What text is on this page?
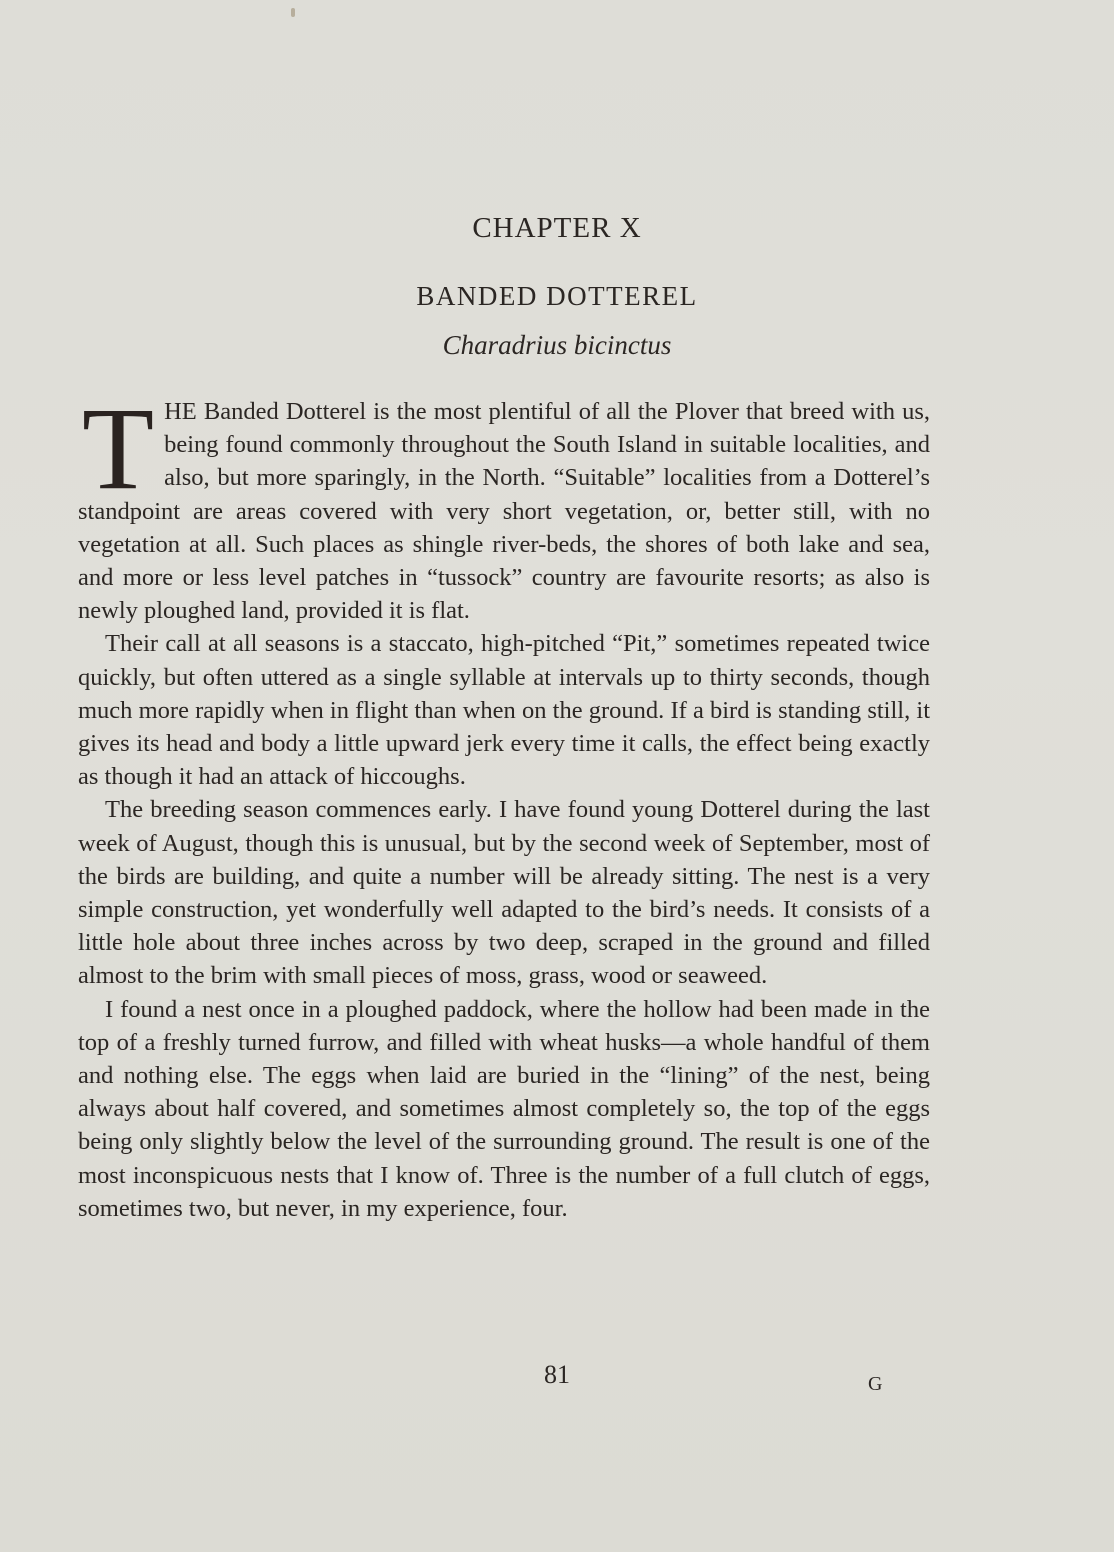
CHAPTER X
BANDED DOTTEREL
Charadrius bicinctus

THE Banded Dotterel is the most plentiful of all the Plover that breed with us, being found commonly throughout the South Island in suitable localities, and also, but more sparingly, in the North. “Suitable” localities from a Dotterel’s standpoint are areas covered with very short vegetation, or, better still, with no vegetation at all. Such places as shingle river-beds, the shores of both lake and sea, and more or less level patches in “tussock” country are favourite resorts; as also is newly ploughed land, provided it is flat.

Their call at all seasons is a staccato, high-pitched “Pit,” sometimes repeated twice quickly, but often uttered as a single syllable at intervals up to thirty seconds, though much more rapidly when in flight than when on the ground. If a bird is standing still, it gives its head and body a little upward jerk every time it calls, the effect being exactly as though it had an attack of hiccoughs.

The breeding season commences early. I have found young Dotterel during the last week of August, though this is unusual, but by the second week of September, most of the birds are building, and quite a number will be already sitting. The nest is a very simple construction, yet wonderfully well adapted to the bird’s needs. It consists of a little hole about three inches across by two deep, scraped in the ground and filled almost to the brim with small pieces of moss, grass, wood or seaweed.

I found a nest once in a ploughed paddock, where the hollow had been made in the top of a freshly turned furrow, and filled with wheat husks—a whole handful of them and nothing else. The eggs when laid are buried in the “lining” of the nest, being always about half covered, and sometimes almost completely so, the top of the eggs being only slightly below the level of the surrounding ground. The result is one of the most inconspicuous nests that I know of. Three is the number of a full clutch of eggs, sometimes two, but never, in my experience, four.

81	G
